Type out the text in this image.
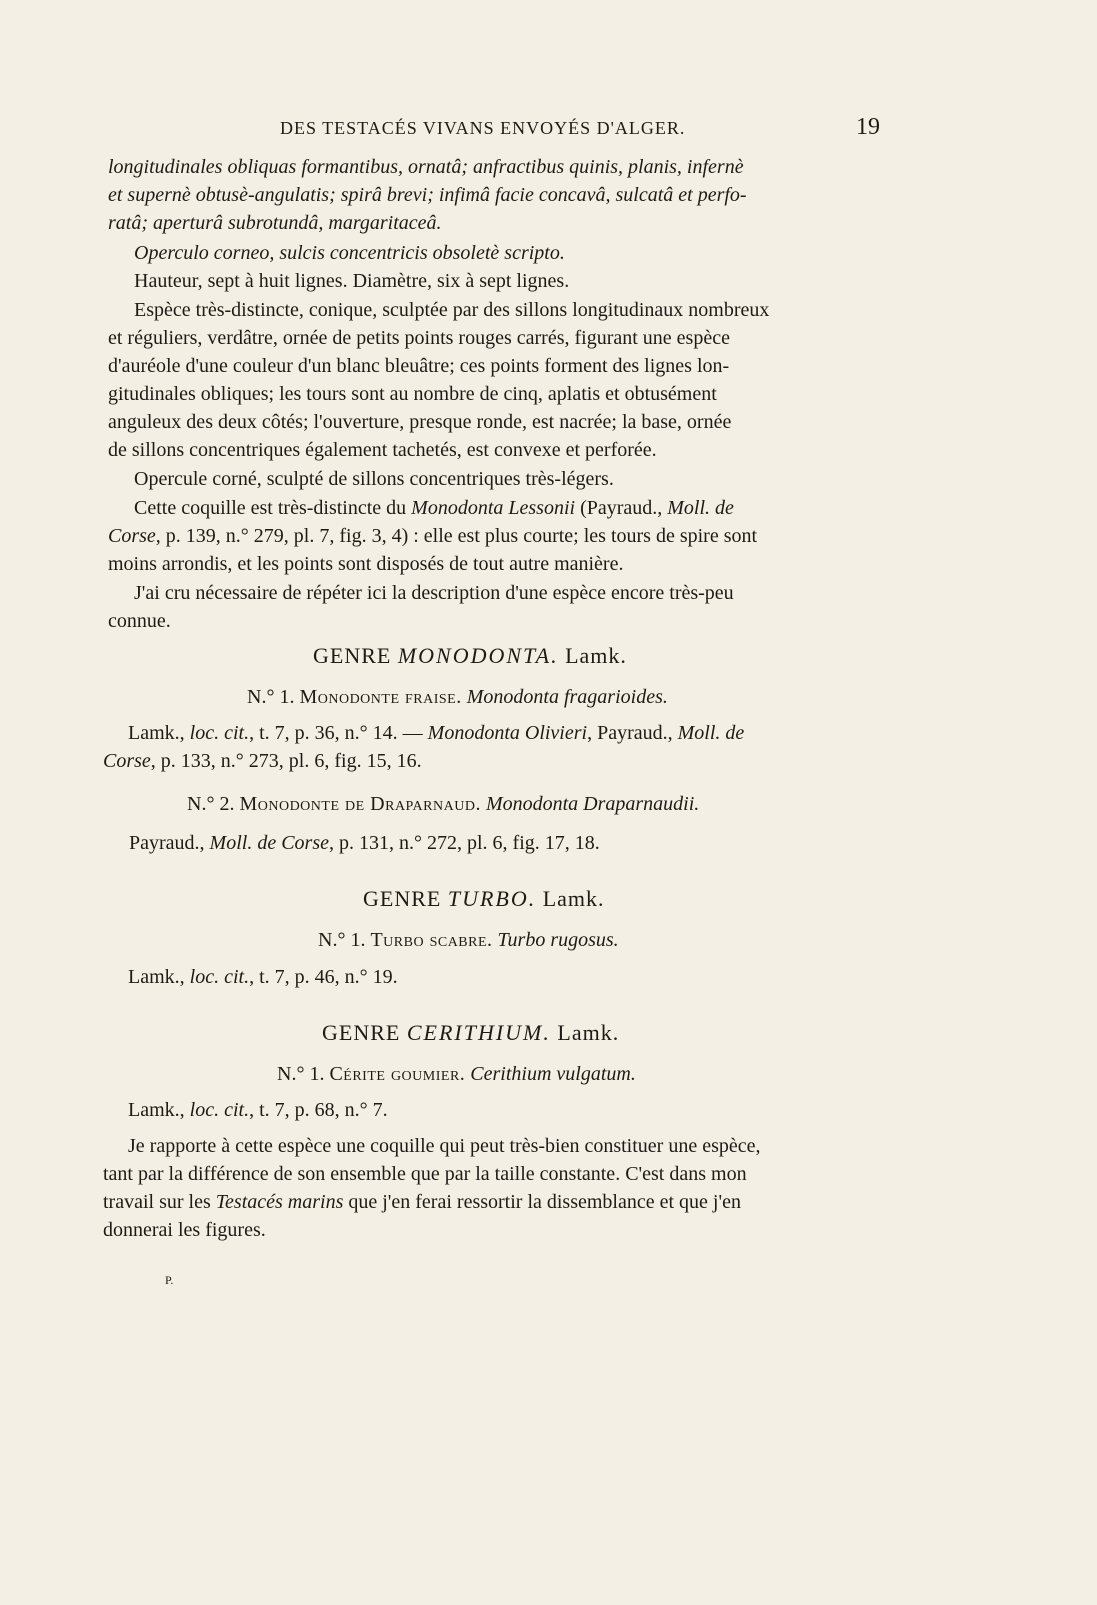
DES TESTACÉS VIVANS ENVOYÉS D'ALGER.	19
longitudinales obliquas formantibus, ornatâ; anfractibus quinis, planis, infernè
et supernè obtusè-angulatis; spirâ brevi; infimâ facie concavâ, sulcatâ et perfo-
ratâ; aperturâ subrotundâ, margaritaceâ.
Operculo corneo, sulcis concentricis obsoletè scripto.
Hauteur, sept à huit lignes. Diamètre, six à sept lignes.
Espèce très-distincte, conique, sculptée par des sillons longitudinaux nombreux
et réguliers, verdâtre, ornée de petits points rouges carrés, figurant une espèce
d'auréole d'une couleur d'un blanc bleuâtre; ces points forment des lignes lon-
gitudinales obliques; les tours sont au nombre de cinq, aplatis et obtusément
anguleux des deux côtés; l'ouverture, presque ronde, est nacrée; la base, ornée
de sillons concentriques également tachetés, est convexe et perforée.
Opercule corné, sculpté de sillons concentriques très-légers.
Cette coquille est très-distincte du Monodonta Lessonii (Payraud., Moll. de
Corse, p. 139, n.° 279, pl. 7, fig. 3, 4) : elle est plus courte; les tours de spire sont
moins arrondis, et les points sont disposés de tout autre manière.
J'ai cru nécessaire de répéter ici la description d'une espèce encore très-peu
connue.
GENRE MONODONTA. Lamk.
N.° 1. Monodonte fraise. Monodonta fragarioides.
Lamk., loc. cit., t. 7, p. 36, n.° 14. — Monodonta Olivieri, Payraud., Moll. de
Corse, p. 133, n.° 273, pl. 6, fig. 15, 16.
N.° 2. Monodonte de Draparnaud. Monodonta Draparnaudii.
Payraud., Moll. de Corse, p. 131, n.° 272, pl. 6, fig. 17, 18.
GENRE TURBO. Lamk.
N.° 1. Turbo scabre. Turbo rugosus.
Lamk., loc. cit., t. 7, p. 46, n.° 19.
GENRE CERITHIUM. Lamk.
N.° 1. Cérite goumier. Cerithium vulgatum.
Lamk., loc. cit., t. 7, p. 68, n.° 7.
Je rapporte à cette espèce une coquille qui peut très-bien constituer une espèce,
tant par la différence de son ensemble que par la taille constante. C'est dans mon
travail sur les Testacés marins que j'en ferai ressortir la dissemblance et que j'en
donnerai les figures.
P.
